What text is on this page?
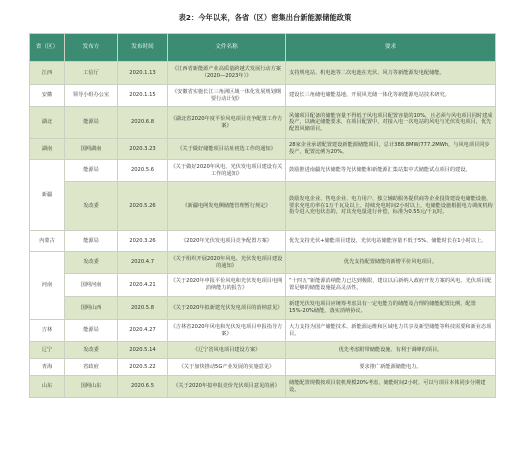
表2：今年以来，各省（区）密集出台新能源储能政策
省（区）	发布方	发布时间	文件名称	要求
江西	工信厅	2020.1.13	《江西省新能源产业高质量跨越式发展行动方案（2020—2023年）》	支持规电站、机电池等二次电池在光伏、风力等新能源发电配储能。
安徽	领导小组办公室	2020.1.15	《安徽省实施长江三角洲区域一体化发展规划纲要行动计划》	建设长三角储电储能基地，开展风光储一体化等新能源电站技术研究。
湖北	能源局	2020.6.8	《湖北省2020年度平价风电项目竞争配置工作方案》	风储项目配备的储能容量不得低于风电项目配置容量的10%，且必须与风电项目同时建成投产，以确定储能要求，在项目配置中，对接入电一次电站的风电与光伏发电项目，优先配置风储项目。
湖南	国网湖南	2020.3.23	《关于做好储能项目站址初选工作的通知》	28家企业承诺配置建设新能源储能项目，总计388.8MW/777.2MWh，与风电项目同步投产，配置比例为20%。
新疆	能源局	2020.5.6	《关于做好2020年风电、光伏发电项目建设有关工作的通知》	鼓励推进南疆光伏储能等光伏储能和新能源汇集站集中式储能试点项目的建设。
	发改委	2020.5.26	《新疆电网发电侧储能管理暂行规定》	鼓励发电企业、售电企业、电力用户、独立辅助服务提供商等企业投资建设电储能设施，要求充电功率在1万千瓦及以上、持续充电时间2小时以上，电储能设施根据电力调度机构指令进入充电状态的，对其充电量进行补偿，标准为0.55元/千瓦时。
内蒙古	能源局	2020.3.26	《2020年光伏发电项目竞争配置方案》	优先支持光伏+储能项目建设，光伏电站储能容量不低于5%、储能时长在1小时以上。
河南	发改委	2020.4.7	《关于组织开展2020年风电、光伏发电项目建设的通知》	优先支持配置储能的新增平价风电项目。
	国网河南	2020.4.21	《关于2020年申报平价风电和光伏发电项目电网消纳能力的报告》	“十四五”新能源消纳能力已达到极限，建议以后新纳入政府开发方案的风电、光伏项目配置足够的储能设施提高灵活性。
	国网山西	2020.5.8	《关于2020年拟新建光伏发电项目的消纳意见》	新建光伏发电项目应统筹考虑具有一定电能力的储能及合理的储能配置比例，配置15%-20%储能，落实消纳协议。
吉林	能源局	2020.4.27	《吉林省2020年风电和光伏发电项目申报指导方案》	大力支持为国产储能技术、新能源运维和区域电力共享及新型储能等科技需要和新业态项目。
辽宁	发改委	2020.5.14	《辽宁省风电项目建设方案》	优先考虑附带储能设施、有利于调峰的项目。
青海	省政府	2020.5.22	《关于加快推动5G产业发展的实施意见》	要求推广新能源储能电力。
山东	国网山东	2020.6.5	《关于2020年拟申报竞价光伏项目意见的函》	储能配置规模按项目装机规模20%考虑，储能时间2小时，可以与项目本体同步分期建设。
